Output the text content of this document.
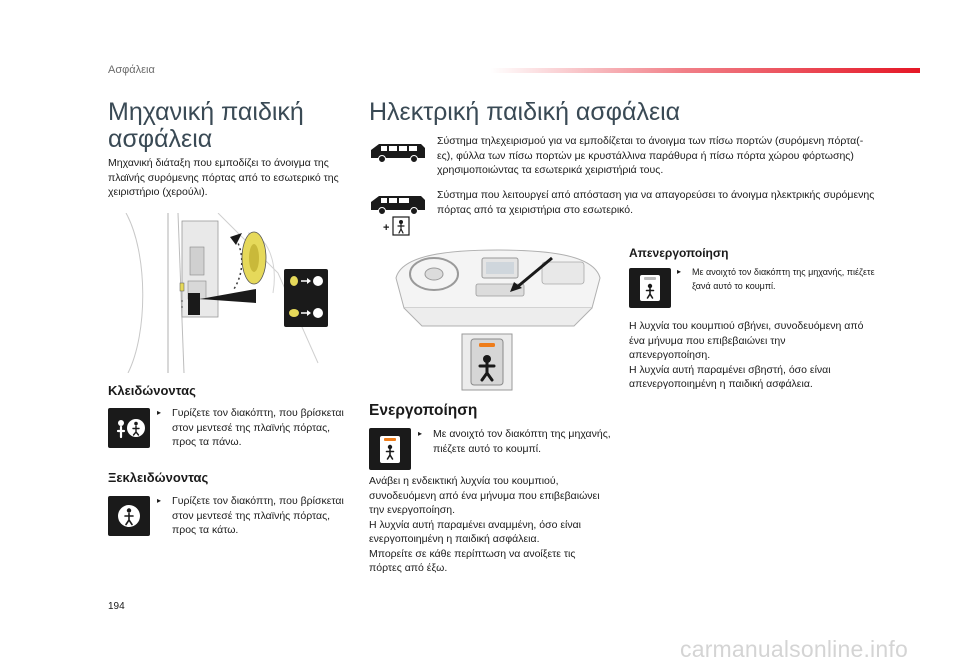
Ασφάλεια
Μηχανική παιδική ασφάλεια

Μηχανική διάταξη που εμποδίζει το άνοιγμα της πλαϊνής συρόμενης πόρτας από το εσωτερικό της χειριστήριο (χερούλι).

Κλειδώνοντας
▸	Γυρίζετε τον διακόπτη, που βρίσκεται στον μεντεσέ της πλαϊνής πόρτας, προς τα πάνω.
Ξεκλειδώνοντας
▸	Γυρίζετε τον διακόπτη, που βρίσκεται στον μεντεσέ της πλαϊνής πόρτας, προς τα κάτω.
Ηλεκτρική παιδική ασφάλεια

Σύστημα τηλεχειρισμού για να εμποδίζεται το άνοιγμα των πίσω πορτών (συρόμενη πόρτα(-ες), φύλλα των πίσω πορτών με κρυστάλλινα παράθυρα ή πίσω πόρτα χώρου φόρτωσης) χρησιμοποιώντας τα εσωτερικά χειριστήριά τους.

+

Σύστημα που λειτουργεί από απόσταση για να απαγορεύσει το άνοιγμα ηλεκτρικής συρόμενης πόρτας από τα χειριστήρια στο εσωτερικό.

Ενεργοποίηση
▸	Με ανοιχτό τον διακόπτη της μηχανής, πιέζετε αυτό το κουμπί.

Ανάβει η ενδεικτική λυχνία του κουμπιού, συνοδευόμενη από ένα μήνυμα που επιβεβαιώνει την ενεργοποίηση.
Η λυχνία αυτή παραμένει αναμμένη, όσο είναι ενεργοποιημένη η παιδική ασφάλεια.
Μπορείτε σε κάθε περίπτωση να ανοίξετε τις πόρτες από έξω.

Απενεργοποίηση
▸	Με ανοιχτό τον διακόπτη της μηχανής, πιέζετε ξανά αυτό το κουμπί.

Η λυχνία του κουμπιού σβήνει, συνοδευόμενη από ένα μήνυμα που επιβεβαιώνει την απενεργοποίηση.
Η λυχνία αυτή παραμένει σβηστή, όσο είναι απενεργοποιημένη η παιδική ασφάλεια.

194
carmanualsonline.info
